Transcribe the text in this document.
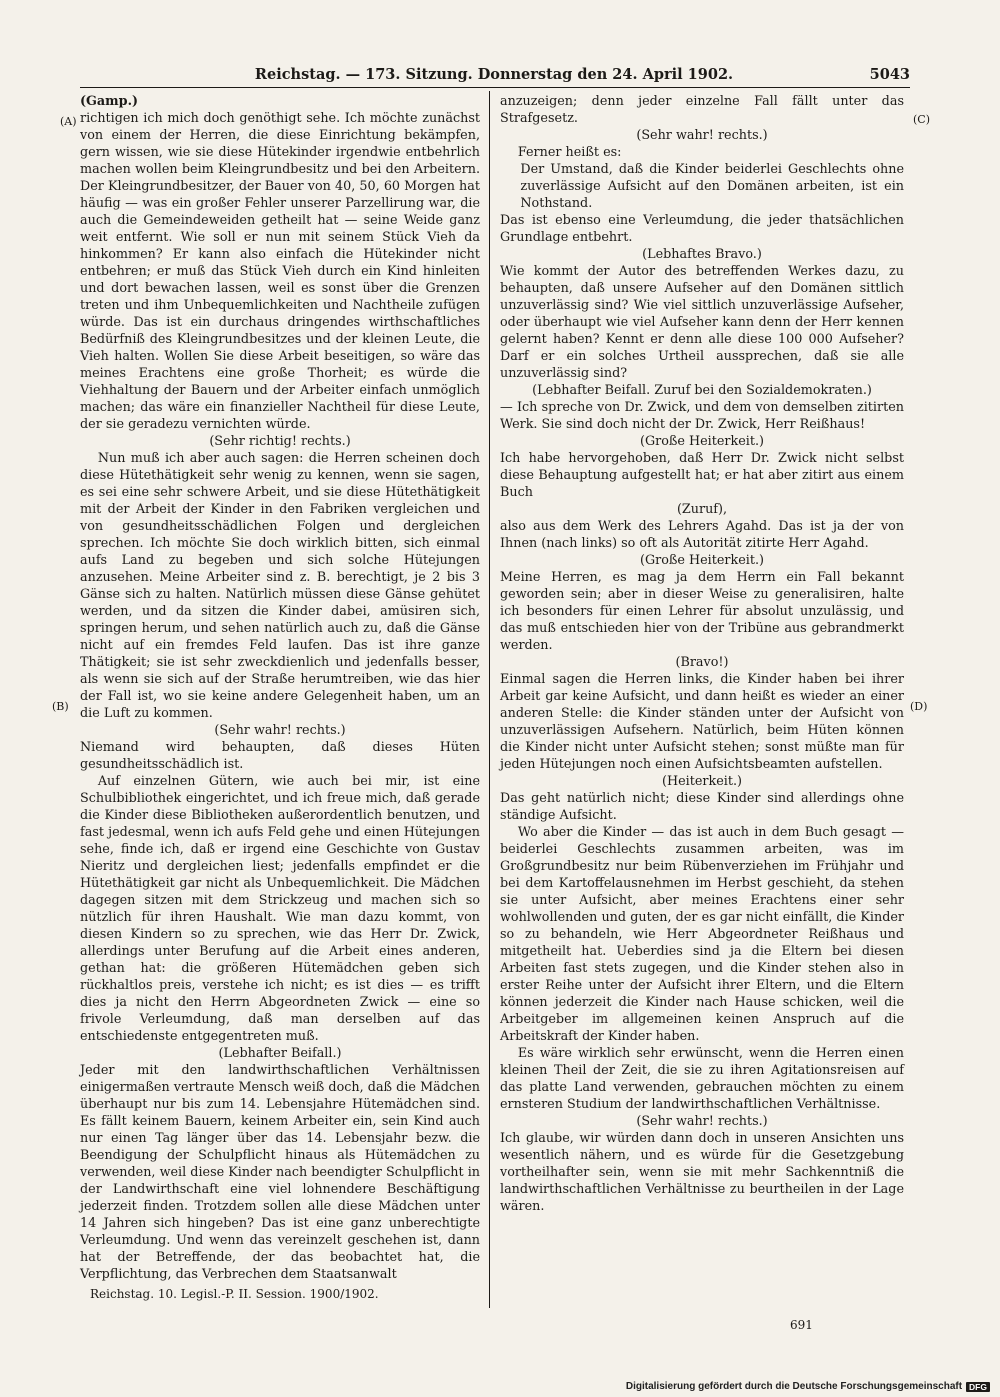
Reichstag. — 173. Sitzung. Donnerstag den 24. April 1902.	5043
(A)
(B)
(C)
(D)

(Gamp.)

richtigen ich mich doch genöthigt sehe. Ich möchte zunächst von einem der Herren, die diese Einrichtung bekämpfen, gern wissen, wie sie diese Hütekinder irgendwie entbehrlich machen wollen beim Kleingrundbesitz und bei den Arbeitern. Der Kleingrundbesitzer, der Bauer von 40, 50, 60 Morgen hat häufig — was ein großer Fehler unserer Parzellirung war, die auch die Gemeindeweiden getheilt hat — seine Weide ganz weit entfernt. Wie soll er nun mit seinem Stück Vieh da hinkommen? Er kann also einfach die Hütekinder nicht entbehren; er muß das Stück Vieh durch ein Kind hinleiten und dort bewachen lassen, weil es sonst über die Grenzen treten und ihm Unbequemlichkeiten und Nachtheile zufügen würde. Das ist ein durchaus dringendes wirthschaftliches Bedürfniß des Kleingrundbesitzes und der kleinen Leute, die Vieh halten. Wollen Sie diese Arbeit beseitigen, so wäre das meines Erachtens eine große Thorheit; es würde die Viehhaltung der Bauern und der Arbeiter einfach unmöglich machen; das wäre ein finanzieller Nachtheil für diese Leute, der sie geradezu vernichten würde.

(Sehr richtig! rechts.)

Nun muß ich aber auch sagen: die Herren scheinen doch diese Hütethätigkeit sehr wenig zu kennen, wenn sie sagen, es sei eine sehr schwere Arbeit, und sie diese Hütethätigkeit mit der Arbeit der Kinder in den Fabriken vergleichen und von gesundheitsschädlichen Folgen und dergleichen sprechen. Ich möchte Sie doch wirklich bitten, sich einmal aufs Land zu begeben und sich solche Hütejungen anzusehen. Meine Arbeiter sind z. B. berechtigt, je 2 bis 3 Gänse sich zu halten. Natürlich müssen diese Gänse gehütet werden, und da sitzen die Kinder dabei, amüsiren sich, springen herum, und sehen natürlich auch zu, daß die Gänse nicht auf ein fremdes Feld laufen. Das ist ihre ganze Thätigkeit; sie ist sehr zweckdienlich und jedenfalls besser, als wenn sie sich auf der Straße herumtreiben, wie das hier der Fall ist, wo sie keine andere Gelegenheit haben, um an die Luft zu kommen.

(Sehr wahr! rechts.)

Niemand wird behaupten, daß dieses Hüten gesundheitsschädlich ist.

Auf einzelnen Gütern, wie auch bei mir, ist eine Schulbibliothek eingerichtet, und ich freue mich, daß gerade die Kinder diese Bibliotheken außerordentlich benutzen, und fast jedesmal, wenn ich aufs Feld gehe und einen Hütejungen sehe, finde ich, daß er irgend eine Geschichte von Gustav Nieritz und dergleichen liest; jedenfalls empfindet er die Hütethätigkeit gar nicht als Unbequemlichkeit. Die Mädchen dagegen sitzen mit dem Strickzeug und machen sich so nützlich für ihren Haushalt. Wie man dazu kommt, von diesen Kindern so zu sprechen, wie das Herr Dr. Zwick, allerdings unter Berufung auf die Arbeit eines anderen, gethan hat: die größeren Hütemädchen geben sich rückhaltlos preis, verstehe ich nicht; es ist dies — es trifft dies ja nicht den Herrn Abgeordneten Zwick — eine so frivole Verleumdung, daß man derselben auf das entschiedenste entgegentreten muß.

(Lebhafter Beifall.)

Jeder mit den landwirthschaftlichen Verhältnissen einigermaßen vertraute Mensch weiß doch, daß die Mädchen überhaupt nur bis zum 14. Lebensjahre Hütemädchen sind. Es fällt keinem Bauern, keinem Arbeiter ein, sein Kind auch nur einen Tag länger über das 14. Lebensjahr bezw. die Beendigung der Schulpflicht hinaus als Hütemädchen zu verwenden, weil diese Kinder nach beendigter Schulpflicht in der Landwirthschaft eine viel lohnendere Beschäftigung jederzeit finden. Trotzdem sollen alle diese Mädchen unter 14 Jahren sich hingeben? Das ist eine ganz unberechtigte Verleumdung. Und wenn das vereinzelt geschehen ist, dann hat der Betreffende, der das beobachtet hat, die Verpflichtung, das Verbrechen dem Staatsanwalt

anzuzeigen; denn jeder einzelne Fall fällt unter das Strafgesetz.

(Sehr wahr! rechts.)

Ferner heißt es:

Der Umstand, daß die Kinder beiderlei Geschlechts ohne zuverlässige Aufsicht auf den Domänen arbeiten, ist ein Nothstand.

Das ist ebenso eine Verleumdung, die jeder thatsächlichen Grundlage entbehrt.

(Lebhaftes Bravo.)

Wie kommt der Autor des betreffenden Werkes dazu, zu behaupten, daß unsere Aufseher auf den Domänen sittlich unzuverlässig sind? Wie viel sittlich unzuverlässige Aufseher, oder überhaupt wie viel Aufseher kann denn der Herr kennen gelernt haben? Kennt er denn alle diese 100 000 Aufseher? Darf er ein solches Urtheil aussprechen, daß sie alle unzuverlässig sind?

(Lebhafter Beifall. Zuruf bei den Sozialdemokraten.)

— Ich spreche von Dr. Zwick, und dem von demselben zitirten Werk. Sie sind doch nicht der Dr. Zwick, Herr Reißhaus!

(Große Heiterkeit.)

Ich habe hervorgehoben, daß Herr Dr. Zwick nicht selbst diese Behauptung aufgestellt hat; er hat aber zitirt aus einem Buch

(Zuruf),

also aus dem Werk des Lehrers Agahd. Das ist ja der von Ihnen (nach links) so oft als Autorität zitirte Herr Agahd.

(Große Heiterkeit.)

Meine Herren, es mag ja dem Herrn ein Fall bekannt geworden sein; aber in dieser Weise zu generalisiren, halte ich besonders für einen Lehrer für absolut unzulässig, und das muß entschieden hier von der Tribüne aus gebrandmerkt werden.

(Bravo!)

Einmal sagen die Herren links, die Kinder haben bei ihrer Arbeit gar keine Aufsicht, und dann heißt es wieder an einer anderen Stelle: die Kinder ständen unter der Aufsicht von unzuverlässigen Aufsehern. Natürlich, beim Hüten können die Kinder nicht unter Aufsicht stehen; sonst müßte man für jeden Hütejungen noch einen Aufsichtsbeamten aufstellen.

(Heiterkeit.)

Das geht natürlich nicht; diese Kinder sind allerdings ohne ständige Aufsicht.

Wo aber die Kinder — das ist auch in dem Buch gesagt — beiderlei Geschlechts zusammen arbeiten, was im Großgrundbesitz nur beim Rübenverziehen im Frühjahr und bei dem Kartoffelausnehmen im Herbst geschieht, da stehen sie unter Aufsicht, aber meines Erachtens einer sehr wohlwollenden und guten, der es gar nicht einfällt, die Kinder so zu behandeln, wie Herr Abgeordneter Reißhaus und mitgetheilt hat. Ueberdies sind ja die Eltern bei diesen Arbeiten fast stets zugegen, und die Kinder stehen also in erster Reihe unter der Aufsicht ihrer Eltern, und die Eltern können jederzeit die Kinder nach Hause schicken, weil die Arbeitgeber im allgemeinen keinen Anspruch auf die Arbeitskraft der Kinder haben.

Es wäre wirklich sehr erwünscht, wenn die Herren einen kleinen Theil der Zeit, die sie zu ihren Agitationsreisen auf das platte Land verwenden, gebrauchen möchten zu einem ernsteren Studium der landwirthschaftlichen Verhältnisse.

(Sehr wahr! rechts.)

Ich glaube, wir würden dann doch in unseren Ansichten uns wesentlich nähern, und es würde für die Gesetzgebung vortheilhafter sein, wenn sie mit mehr Sachkenntniß die landwirthschaftlichen Verhältnisse zu beurtheilen in der Lage wären.

Reichstag. 10. Legisl.-P. II. Session. 1900/1902.
691
Digitalisierung gefördert durch die Deutsche Forschungsgemeinschaft DFG
